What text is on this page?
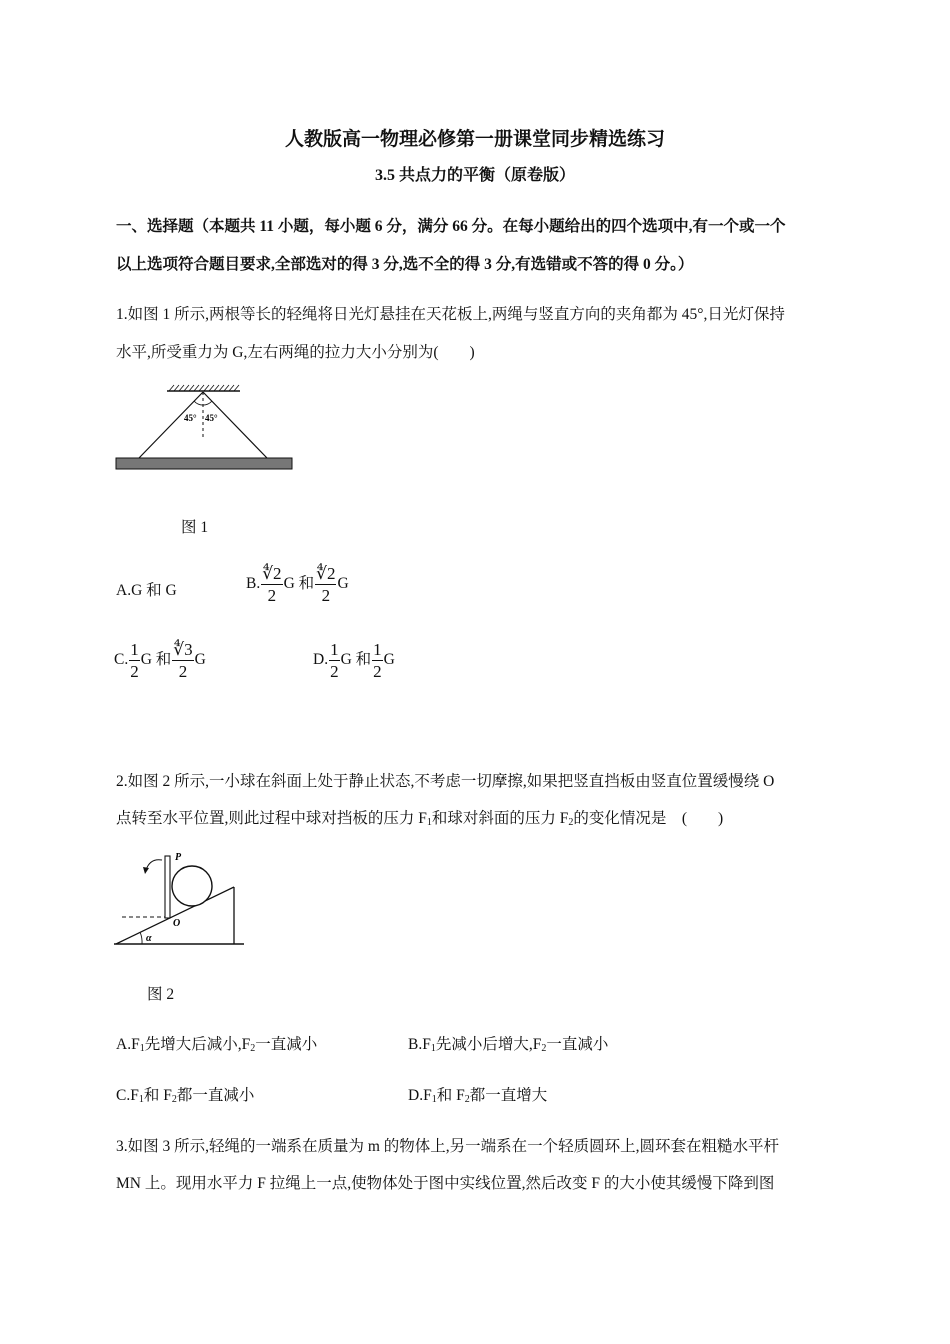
人教版高一物理必修第一册课堂同步精选练习
3.5 共点力的平衡（原卷版）
一、选择题（本题共 11 小题，每小题 6 分，满分 66 分。在每小题给出的四个选项中,有一个或一个
以上选项符合题目要求,全部选对的得 3 分,选不全的得 3 分,有选错或不答的得 0 分。）
1.如图 1 所示,两根等长的轻绳将日光灯悬挂在天花板上,两绳与竖直方向的夹角都为 45°,日光灯保持
水平,所受重力为 G,左右两绳的拉力大小分别为(　　)
45° 45°
图 1
A.G 和 G	B. $\frac{∜2}{2}$ G 和 $\frac{∜2}{2}$ G
C. $\frac{1}{2}$ G 和 $\frac{∜3}{2}$ G	D. $\frac{1}{2}$ G 和 $\frac{1}{2}$ G
2.如图 2 所示,一小球在斜面上处于静止状态,不考虑一切摩擦,如果把竖直挡板由竖直位置缓慢绕 O
点转至水平位置,则此过程中球对挡板的压力 $F_1$和球对斜面的压力 $F_2$的变化情况是　(　　)
α
P
O
图 2
$A.F_1$先增大后减小$,F_2$一直减小	$B.F_1$先减小后增大$,F_2$一直减小
$C.F_1$和 $F_2$都一直减小	$D.F_1$和 $F_2$都一直增大
3.如图 3 所示,轻绳的一端系在质量为 m 的物体上,另一端系在一个轻质圆环上,圆环套在粗糙水平杆
MN 上。现用水平力 F 拉绳上一点,使物体处于图中实线位置,然后改变 F 的大小使其缓慢下降到图
